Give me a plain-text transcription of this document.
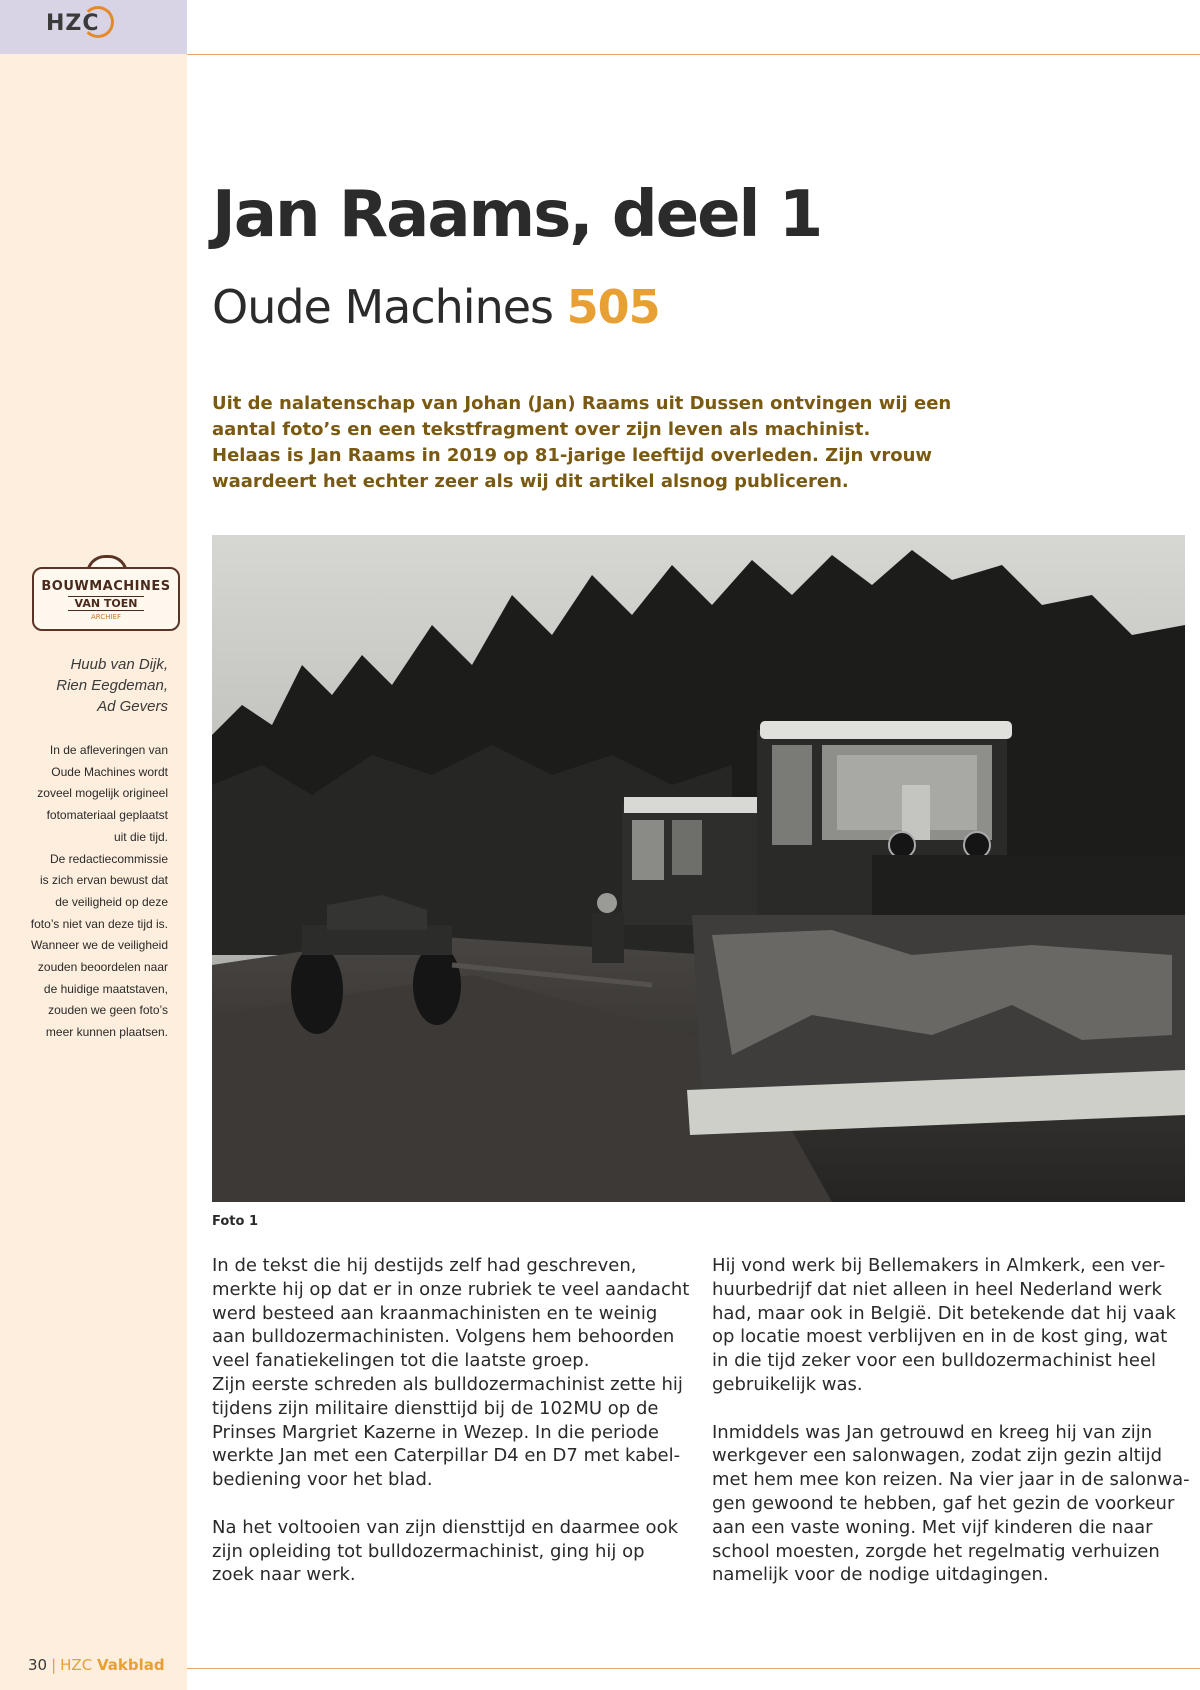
HZC
BOUWMACHINES
VAN TOEN
ARCHIEF
Huub van Dijk,
Rien Eegdeman,
Ad Gevers
In de afleveringen van
Oude Machines wordt
zoveel mogelijk origineel
fotomateriaal geplaatst
uit die tijd.
De redactiecommissie
is zich ervan bewust dat
de veiligheid op deze
foto’s niet van deze tijd is.
Wanneer we de veiligheid
zouden beoordelen naar
de huidige maatstaven,
zouden we geen foto’s
meer kunnen plaatsen.
Jan Raams, deel 1
Oude Machines 505
Uit de nalatenschap van Johan (Jan) Raams uit Dussen ontvingen wij een
aantal foto’s en een tekstfragment over zijn leven als machinist.
Helaas is Jan Raams in 2019 op 81-jarige leeftijd overleden. Zijn vrouw
waardeert het echter zeer als wij dit artikel alsnog publiceren.
Foto 1

In de tekst die hij destijds zelf had geschreven,
merkte hij op dat er in onze rubriek te veel aandacht
werd besteed aan kraanmachinisten en te weinig
aan bulldozermachinisten. Volgens hem behoorden
veel fanatiekelingen tot die laatste groep.
Zijn eerste schreden als bulldozermachinist zette hij
tijdens zijn militaire diensttijd bij de 102MU op de
Prinses Margriet Kazerne in Wezep. In die periode
werkte Jan met een Caterpillar D4 en D7 met kabel-
bediening voor het blad.

Na het voltooien van zijn diensttijd en daarmee ook
zijn opleiding tot bulldozermachinist, ging hij op
zoek naar werk.

Hij vond werk bij Bellemakers in Almkerk, een ver-
huurbedrijf dat niet alleen in heel Nederland werk
had, maar ook in België. Dit betekende dat hij vaak
op locatie moest verblijven en in de kost ging, wat
in die tijd zeker voor een bulldozermachinist heel
gebruikelijk was.

Inmiddels was Jan getrouwd en kreeg hij van zijn
werkgever een salonwagen, zodat zijn gezin altijd
met hem mee kon reizen. Na vier jaar in de salonwa-
gen gewoond te hebben, gaf het gezin de voorkeur
aan een vaste woning. Met vijf kinderen die naar
school moesten, zorgde het regelmatig verhuizen
namelijk voor de nodige uitdagingen.

30 | HZC Vakblad
